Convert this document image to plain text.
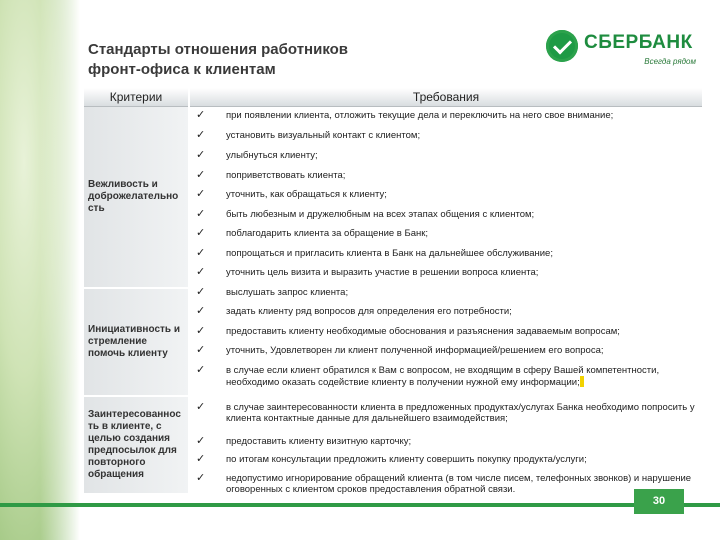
Стандарты отношения работников
фронт-офиса к клиентам
СБЕРБАНК
Всегда рядом
Критерии	Требования
Вежливость и доброжелательно сть
Инициативность и стремление помочь клиенту
Заинтересованнос ть в клиенте, с целью создания предпосылок для повторного обращения
✓ при появлении клиента, отложить текущие дела и переключить на него свое внимание;
✓ установить визуальный контакт с клиентом;
✓ улыбнуться клиенту;
✓ поприветствовать клиента;
✓ уточнить, как обращаться к клиенту;
✓ быть любезным и дружелюбным на всех этапах общения с клиентом;
✓ поблагодарить клиента за обращение в Банк;
✓ попрощаться и пригласить клиента в Банк на дальнейшее обслуживание;
✓ уточнить цель визита и выразить участие в решении вопроса клиента;
✓ выслушать запрос клиента;
✓ задать клиенту ряд вопросов для определения его потребности;
✓ предоставить клиенту необходимые обоснования и разъяснения задаваемым вопросам;
✓ уточнить, Удовлетворен ли клиент полученной информацией/решением его вопроса;
✓ в случае если клиент обратился к Вам с вопросом, не входящим в сферу Вашей компетентности, необходимо оказать содействие клиенту в получении нужной ему информации;
✓ в случае заинтересованности клиента в предложенных продуктах/услугах Банка необходимо попросить у клиента контактные данные для дальнейшего взаимодействия;
✓ предоставить клиенту визитную карточку;
✓ по итогам консультации предложить клиенту совершить покупку продукта/услуги;
✓ недопустимо игнорирование обращений клиента (в том числе писем, телефонных звонков) и нарушение оговоренных с клиентом сроков предоставления обратной связи.
30
